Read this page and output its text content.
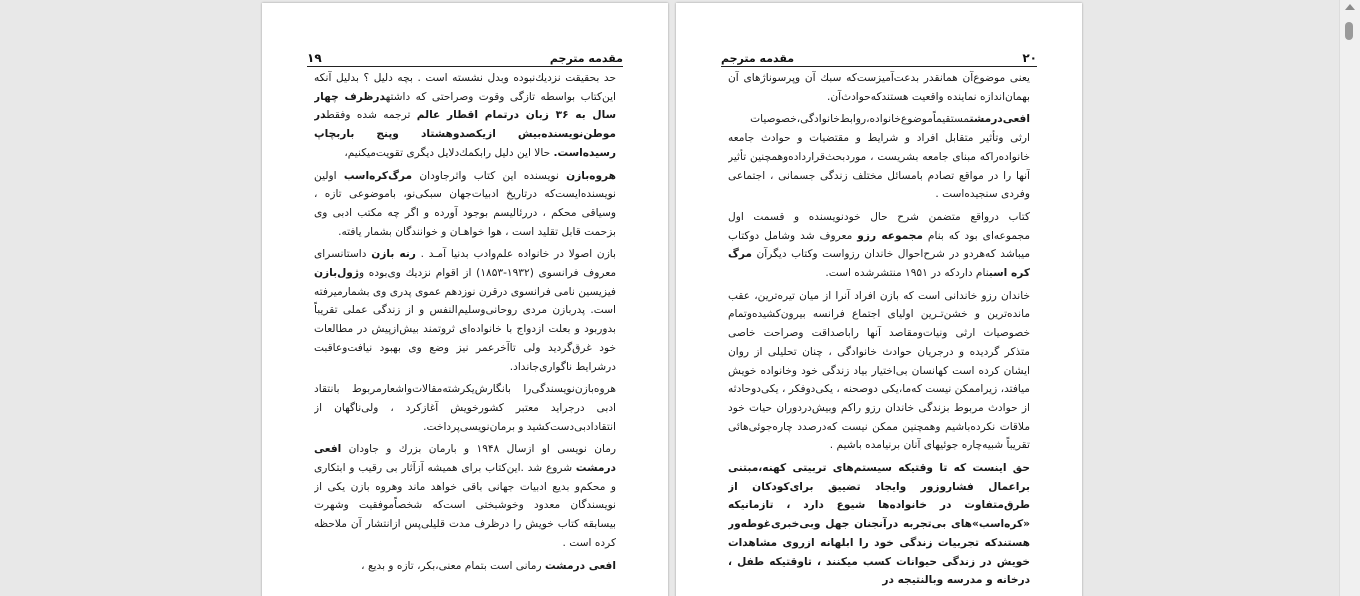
مقدمه مترجم
۱۹

حد بحقیقت نزدیك‌نبوده وبدل نشسته است . بچه دلیل ؟ بدلیل آنکه این‌کتاب بواسطه تازگی وقوت وصراحتی که داشتهدرظرف چهار سال به ۳۶ زبان درتمام اقطار عالم ترجمه شده وفقطدر موطن‌نویسنده‌بیش ازیکصدوهشتاد وپنج باربچاپ رسیده‌است. حالا این دلیل رابکمك‌دلایل دیگری تقویت‌میکنیم،

هروه‌بازن نویسنده این کتاب واثرجاودان مرگ‌کره‌اسب اولین نویسنده‌ایست‌که درتاریخ ادبیات‌جهان سبکی‌نو، باموضوعی تازه ، وسیاقی محکم ، دررئالیسم بوجود آورده و اگر چه مکتب ادبی وی بزحمت قابل تقلید است ، هوا خواهـان و خوانندگان بشمار یافته.

بازن اصولا در خانواده علم‌وادب بدنیا آمـد . رنه بازن داستانسرای معروف فرانسوی (۱۹۳۲-۱۸۵۳) از اقوام نزدیك وی‌بوده وژول‌بازن فیزیسین نامی فرانسوی درقرن نوزدهم عموی پدری وی بشمارمیرفته است. پدربازن مردی روحانی‌وسلیم‌النفس و از زندگی عملی تقریباً بدوربود و بعلت ازدواج با خانواده‌ای ثروتمند بیش‌ازپیش در مطالعات خود غرق‌گردید ولی تاآخرعمر نیز وضع وی بهبود نیافت‌وعاقبت درشرایط ناگواری‌جانداد.

هروه‌بازن‌نویسندگی‌را بانگارش‌یکرشته‌مقالات‌واشعارمربوط بانتقاد ادبی درجراید معتبر کشورخویش آغازکرد ، ولی‌ناگهان از انتقادادبی‌دست‌کشید و برمان‌نویسی‌پرداخت.

رمان نویسی او ازسال ۱۹۴۸ و بارمان بزرك و جاودان افعی درمشت شروع شد .این‌کتاب برای همیشه آزآثار بی رقیب و ابتکاری و محکم‌و بدیع ادبیات جهانی باقی خواهد ماند وهروه بازن یکی از نویسندگان معدود وخوشبختی است‌که شخصاًموفقیت وشهرت بیسابقه کتاب خویش را درظرف مدت قلیلی‌پس ازانتشار آن ملاحظه کرده است .

افعی درمشت رمانی است بتمام معنی،بکر، تازه و بدیع ،

۲۰
مقدمه مترجم

یعنی موضوع‌آن همانقدر بدعت‌آمیزست‌که سبك آن وپرسوناژهای آن بهمان‌اندازه نماینده واقعیت هستند‌که‌حوادث‌آن.

افعی‌درمشتمستقیماًموضوع‌خانواده،روابط‌خانوادگی،خصوصیات ارثی وتأثیر متقابل افراد و شرایط و مقتضیات و حوادث جامعه خانواده‌راکه مبنای جامعه بشریست ، موردبحث‌قرارداده‌وهمچنین تأثیر آنها را در مواقع تصادم بامسائل مختلف زندگی جسمانی ، اجتماعی وفردی سنجیده‌است .

کتاب درواقع متضمن شرح حال خودنویسنده و قسمت اول مجموعه‌ای بود که بنام مجموعه رزو معروف شد وشامل دوکتاب میباشد که‌هردو در شرح‌احوال خاندان رزواست وکتاب دیگرآن مرگ کره اسبنام دارد‌که در ۱۹۵۱ منتشرشده است.

خاندان رزو خاندانی است که بازن افراد آنرا از میان تیره‌ترین، عقب مانده‌ترین و خشن‌تـرین اولیای اجتماع فرانسه بیرون‌کشیده‌وتمام خصوصیات ارثی ونیات‌ومقاصد آنها راباصداقت وصراحت خاصی متذکر گردیده و درجریان حوادث خانوادگی ، چنان تحلیلی از روان ایشان کرده است کهانسان بی‌اختیار بیاد زندگی خود وخانواده خویش میافتد، زیراممکن نیست که‌ما،یکی دوصحنه ، یکی‌دوفکر ، یکی‌دوحادثه از حوادث مربوط بزندگی خاندان رزو راکم وبیش‌دردوران حیات خود ملاقات نکرده‌باشیم وهمچنین ممکن نیست که‌درصدد چاره‌جوئی‌هائی تقریباً شبیه‌چاره‌ جوئیهای آنان برنیامده باشیم .

حق اینست که تا وقتیکه سیستم‌های تربیتی کهنه،مبتنی براعمال فشاروزور وایجاد تضییق برای‌کودکان از طرق‌متفاوت در خانواده‌ها شیوع دارد ، تازمانیکه «کره‌اسب»های بی‌تجربه درآنجنان جهل وبی‌خبری‌غوطه‌ور هستند‌که تجربیات زندگی خود را ابلهانه ازروی مشاهدات خویش در زندگی حیوانات کسب میکنند ، تاوقتیکه طفل ، درخانه و مدرسه وبالنتیجه در
